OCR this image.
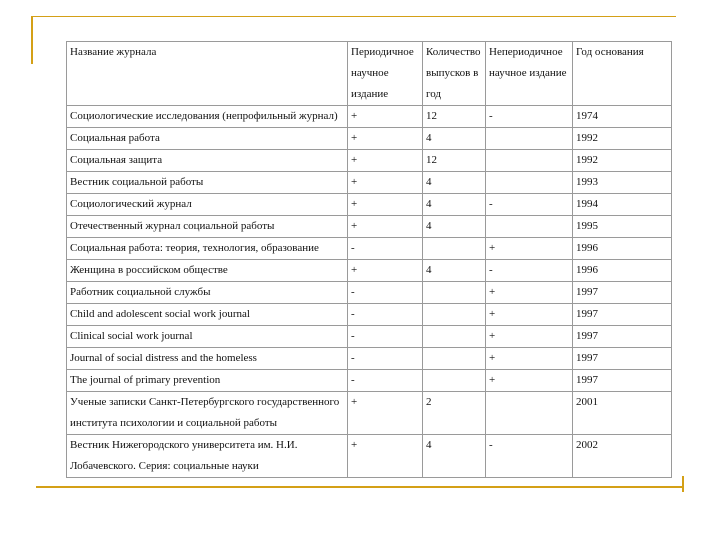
Название журнала	Периодичное научное издание	Количество выпусков в год	Непериодичное научное издание	Год основания
Социологические исследования (непрофильный журнал)	+	12	-	1974
Социальная работа	+	4		1992
Социальная защита	+	12		1992
Вестник социальной работы	+	4		1993
Социологический журнал	+	4	-	1994
Отечественный журнал социальной работы	+	4		1995
Социальная работа: теория, технология, образование	-		+	1996
Женщина в российском обществе	+	4	-	1996
Работник социальной службы	-		+	1997
Child and adolescent social work journal	-		+	1997
Clinical social work journal	-		+	1997
Journal of social distress and the homeless	-		+	1997
The journal of primary prevention	-		+	1997
Ученые записки Санкт-Петербургского государственного института психологии и социальной работы	+	2		2001
Вестник Нижегородского университета им. Н.И. Лобачевского. Серия: социальные науки	+	4	-	2002
